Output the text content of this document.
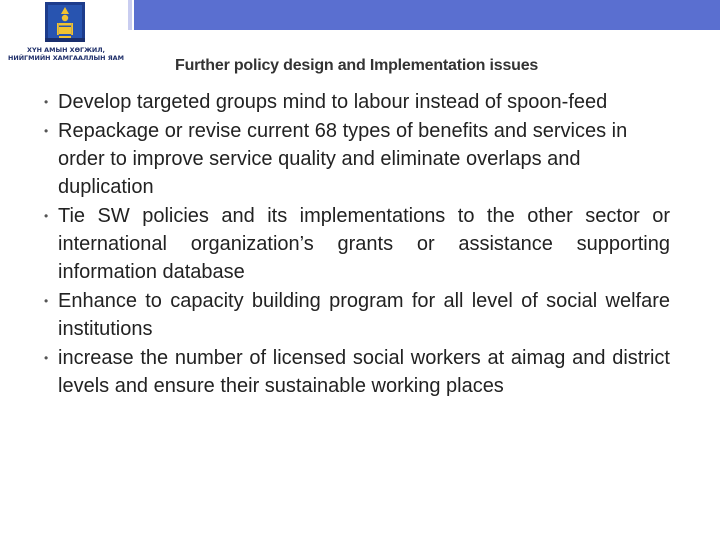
ХҮН АМЫН ХӨГЖИЛ,
НИЙГМИЙН ХАМГААЛЛЫН ЯАМ	Further policy design and Implementation issues
• Develop targeted groups mind to labour instead of spoon-feed
• Repackage or revise current 68 types of benefits and services in order to improve service quality and eliminate overlaps and duplication
• Tie SW policies and its implementations to the other sector or international organization’s grants or assistance supporting information database
• Enhance to capacity building program for all level of social welfare institutions
• increase the number of licensed social workers at aimag and district levels and ensure their sustainable working places
